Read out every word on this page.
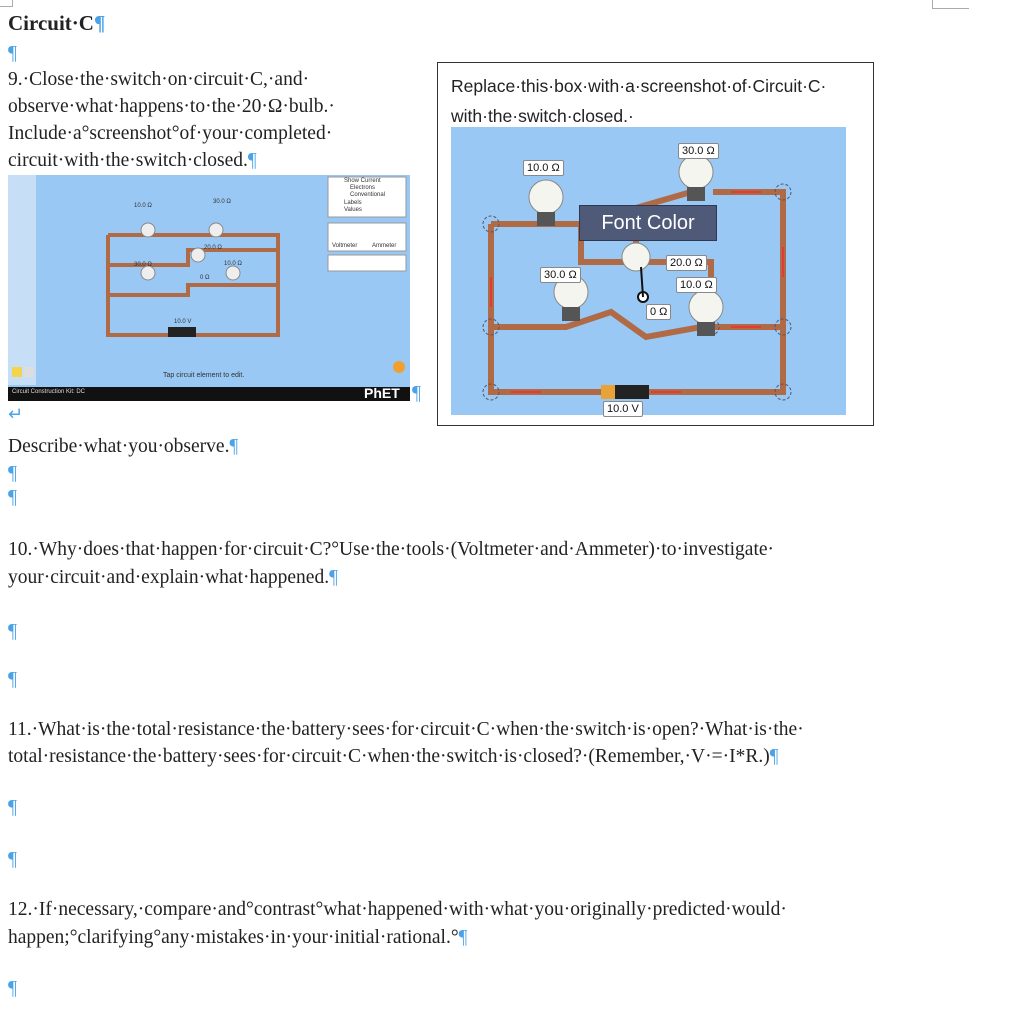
Circuit·C¶
¶
9.·Close·the·switch·on·circuit·C,·and·
observe·what·happens·to·the·20·Ω·bulb.·
Include·a°screenshot°of·your·completed·
circuit·with·the·switch·closed.¶
10.0 Ω
30.0 Ω
20.0 Ω
30.0 Ω	10.0 Ω
0 Ω
10.0 V
Show Current
Electrons
Conventional
Labels
Values
Voltmeter Ammeter
Tap circuit element to edit.
Circuit Construction Kit: DC	PhET ¶
↵
Replace·this·box·with·a·screenshot·of·Circuit·C·
with·the·switch·closed.·
10.0 Ω
30.0 Ω
20.0 Ω
30.0 Ω
10.0 Ω
0 Ω
10.0 V
Font Color
Describe·what·you·observe.¶
¶
¶
10.·Why·does·that·happen·for·circuit·C?°Use·the·tools·(Voltmeter·and·Ammeter)·to·investigate·
your·circuit·and·explain·what·happened.¶
¶
¶
11.·What·is·the·total·resistance·the·battery·sees·for·circuit·C·when·the·switch·is·open?·What·is·the·
total·resistance·the·battery·sees·for·circuit·C·when·the·switch·is·closed?·(Remember,·V·=·I*R.)¶
¶
¶
12.·If·necessary,·compare·and°contrast°what·happened·with·what·you·originally·predicted·would·
happen;°clarifying°any·mistakes·in·your·initial·rational.°¶
¶
